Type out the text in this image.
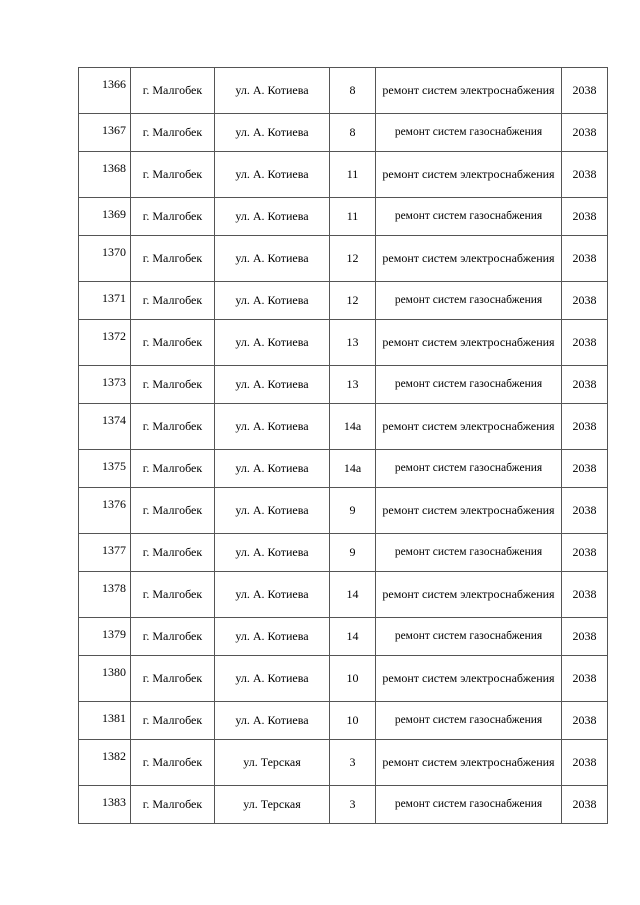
1366	г. Малгобек	ул. А. Котиева	8	ремонт систем электроснабжения	2038
1367	г. Малгобек	ул. А. Котиева	8	ремонт систем газоснабжения	2038
1368	г. Малгобек	ул. А. Котиева	11	ремонт систем электроснабжения	2038
1369	г. Малгобек	ул. А. Котиева	11	ремонт систем газоснабжения	2038
1370	г. Малгобек	ул. А. Котиева	12	ремонт систем электроснабжения	2038
1371	г. Малгобек	ул. А. Котиева	12	ремонт систем газоснабжения	2038
1372	г. Малгобек	ул. А. Котиева	13	ремонт систем электроснабжения	2038
1373	г. Малгобек	ул. А. Котиева	13	ремонт систем газоснабжения	2038
1374	г. Малгобек	ул. А. Котиева	14а	ремонт систем электроснабжения	2038
1375	г. Малгобек	ул. А. Котиева	14а	ремонт систем газоснабжения	2038
1376	г. Малгобек	ул. А. Котиева	9	ремонт систем электроснабжения	2038
1377	г. Малгобек	ул. А. Котиева	9	ремонт систем газоснабжения	2038
1378	г. Малгобек	ул. А. Котиева	14	ремонт систем электроснабжения	2038
1379	г. Малгобек	ул. А. Котиева	14	ремонт систем газоснабжения	2038
1380	г. Малгобек	ул. А. Котиева	10	ремонт систем электроснабжения	2038
1381	г. Малгобек	ул. А. Котиева	10	ремонт систем газоснабжения	2038
1382	г. Малгобек	ул. Терская	3	ремонт систем электроснабжения	2038
1383	г. Малгобек	ул. Терская	3	ремонт систем газоснабжения	2038
